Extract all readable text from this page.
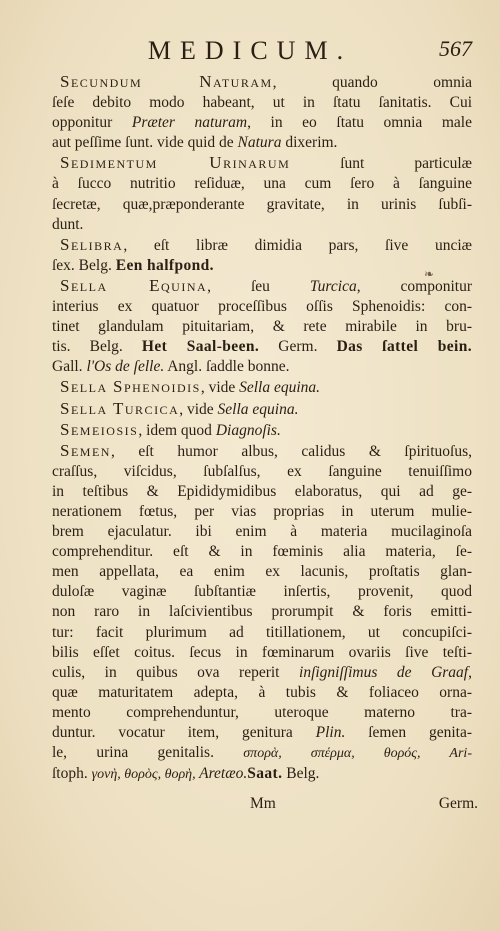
MEDICUM.	567
❧
SECUNDUM	NATURAM, quando omnia
ſeſe debito modo habeant, ut in ſtatu ſanitatis. Cui
opponitur Præter naturam, in eo ſtatu omnia male
aut peſſime ſunt. vide quid de Natura dixerim.
SEDIMENTUM	URINARUM ſunt particulæ
à ſucco nutritio reſiduæ, una cum ſero à ſanguine
ſecretæ, quæ,præponderante gravitate, in urinis ſubſi-
dunt.
SELIBRA, eſt libræ dimidia pars, ſive unciæ
ſex. Belg. Een halfpond.
SELLA EQUINA, ſeu Turcica, componitur
interius ex quatuor proceſſibus oſſis Sphenoidis: con-
tinet glandulam pituitariam, & rete mirabile in bru-
tis. Belg. Het Saal-been. Germ. Das ſattel bein.
Gall. l'Os de ſelle. Angl. ſaddle bonne.
SELLA SPHENOIDIS, vide Sella equina.
SELLA TURCICA, vide Sella equina.
SEMEIOSIS, idem quod Diagnoſis.
SEMEN, eſt humor albus, calidus & ſpirituoſus,
craſſus, viſcidus, ſubſalſus, ex ſanguine tenuiſſimo
in teſtibus & Epididymidibus elaboratus, qui ad ge-
nerationem fœtus, per vias proprias in uterum mulie-
brem ejaculatur. ibi enim à materia mucilaginoſa
comprehenditur. eſt & in fœminis alia materia, ſe-
men appellata, ea enim ex lacunis, proſtatis glan-
duloſæ vaginæ ſubſtantiæ inſertis, provenit, quod
non raro in laſcivientibus prorumpit & foris emitti-
tur: facit plurimum ad titillationem, ut concupiſci-
bilis eſſet coitus. ſecus in fœminarum ovariis ſive teſti-
culis, in quibus ova reperit inſigniſſimus de Graaf,
quæ maturitatem adepta, à tubis & foliaceo orna-
mento comprehenduntur, uteroque materno tra-
duntur. vocatur item, genitura Plin. ſemen genita-
le, urina genitalis. σπορὰ, σπέρμα, θορός, Ari-
ſtoph. γονὴ, θορὸς, θορὴ, Aretæo.Saat. Belg.
Mm	Germ.
